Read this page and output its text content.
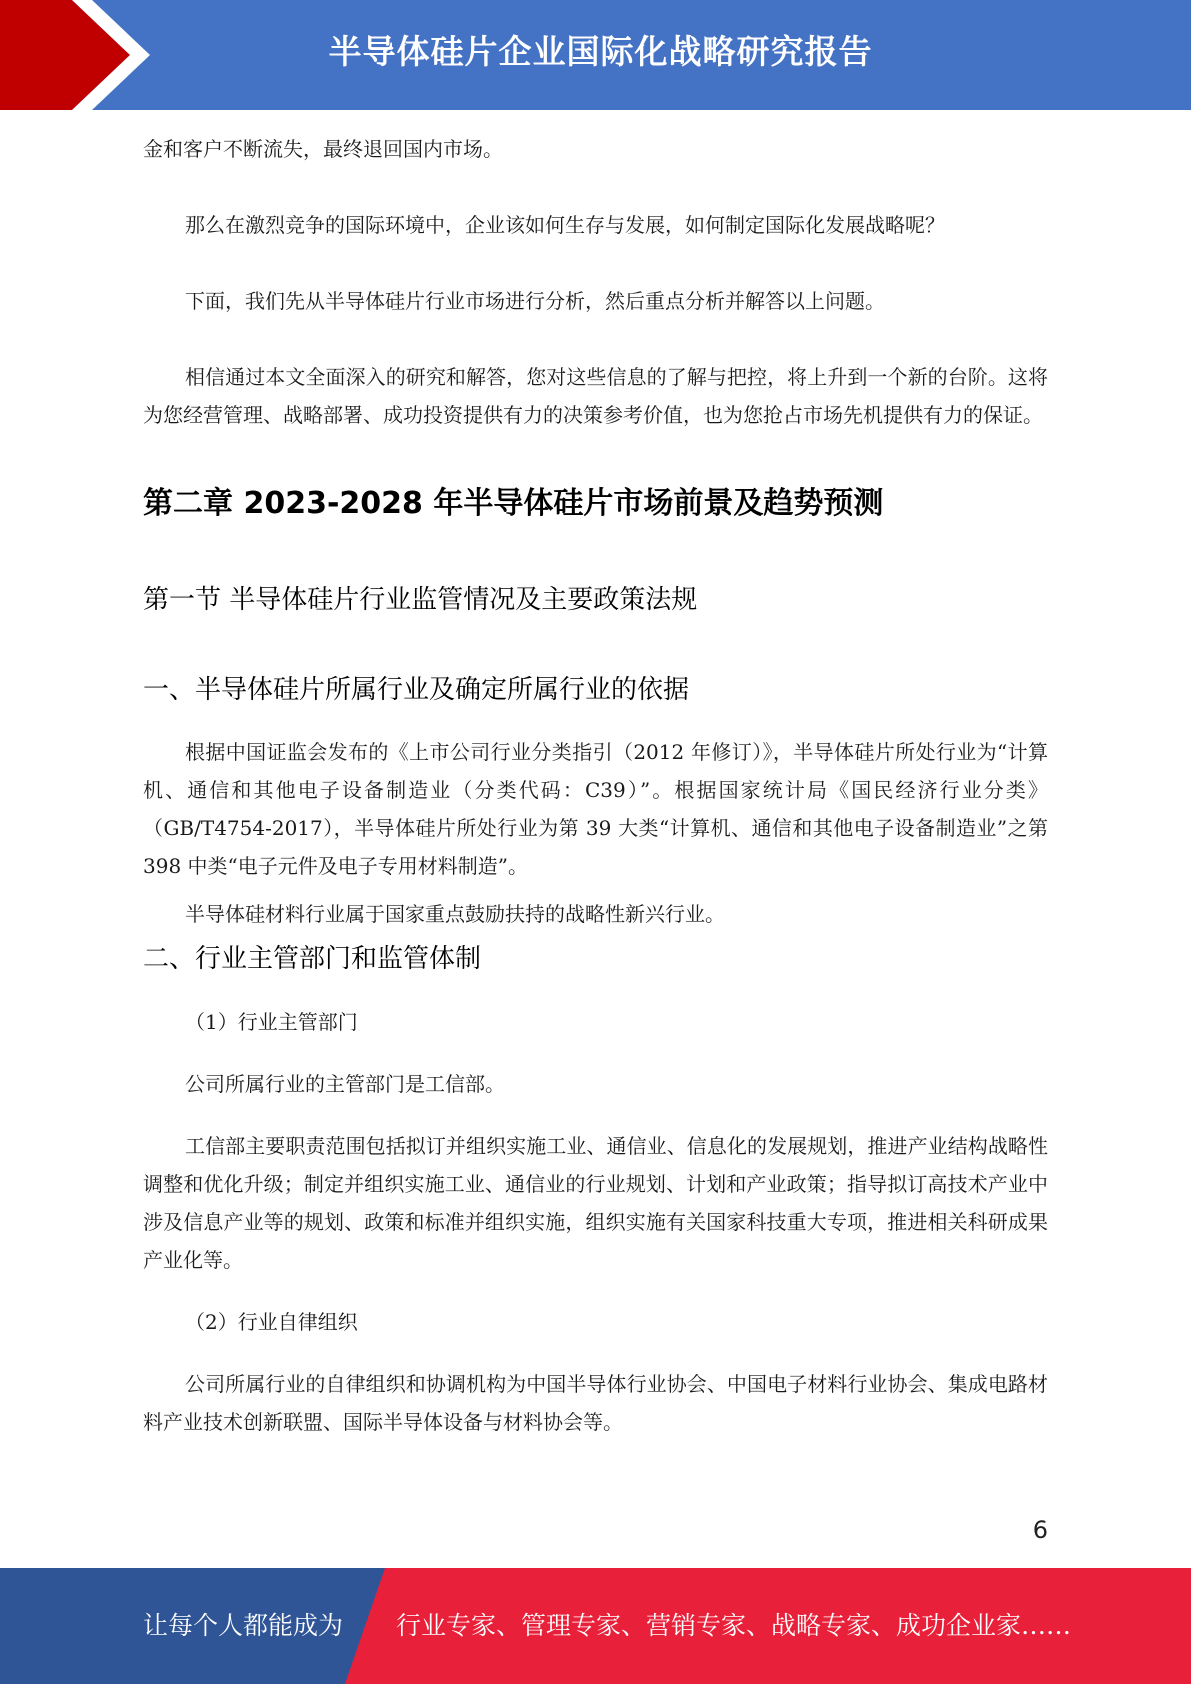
半导体硅片企业国际化战略研究报告

金和客户不断流失，最终退回国内市场。

那么在激烈竞争的国际环境中，企业该如何生存与发展，如何制定国际化发展战略呢？

下面，我们先从半导体硅片行业市场进行分析，然后重点分析并解答以上问题。

相信通过本文全面深入的研究和解答，您对这些信息的了解与把控，将上升到一个新的台阶。这将为您经营管理、战略部署、成功投资提供有力的决策参考价值，也为您抢占市场先机提供有力的保证。

第二章 2023-2028 年半导体硅片市场前景及趋势预测
第一节 半导体硅片行业监管情况及主要政策法规
一、半导体硅片所属行业及确定所属行业的依据

根据中国证监会发布的《上市公司行业分类指引（2012 年修订）》，半导体硅片所处行业为“计算机、通信和其他电子设备制造业（分类代码：C39）”。根据国家统计局《国民经济行业分类》（GB/T4754-2017），半导体硅片所处行业为第 39 大类“计算机、通信和其他电子设备制造业”之第 398 中类“电子元件及电子专用材料制造”。

半导体硅材料行业属于国家重点鼓励扶持的战略性新兴行业。

二、行业主管部门和监管体制

（1）行业主管部门

公司所属行业的主管部门是工信部。

工信部主要职责范围包括拟订并组织实施工业、通信业、信息化的发展规划，推进产业结构战略性调整和优化升级；制定并组织实施工业、通信业的行业规划、计划和产业政策；指导拟订高技术产业中涉及信息产业等的规划、政策和标准并组织实施，组织实施有关国家科技重大专项，推进相关科研成果产业化等。

（2）行业自律组织

公司所属行业的自律组织和协调机构为中国半导体行业协会、中国电子材料行业协会、集成电路材料产业技术创新联盟、国际半导体设备与材料协会等。

6
让每个人都能成为 行业专家、管理专家、营销专家、战略专家、成功企业家……
